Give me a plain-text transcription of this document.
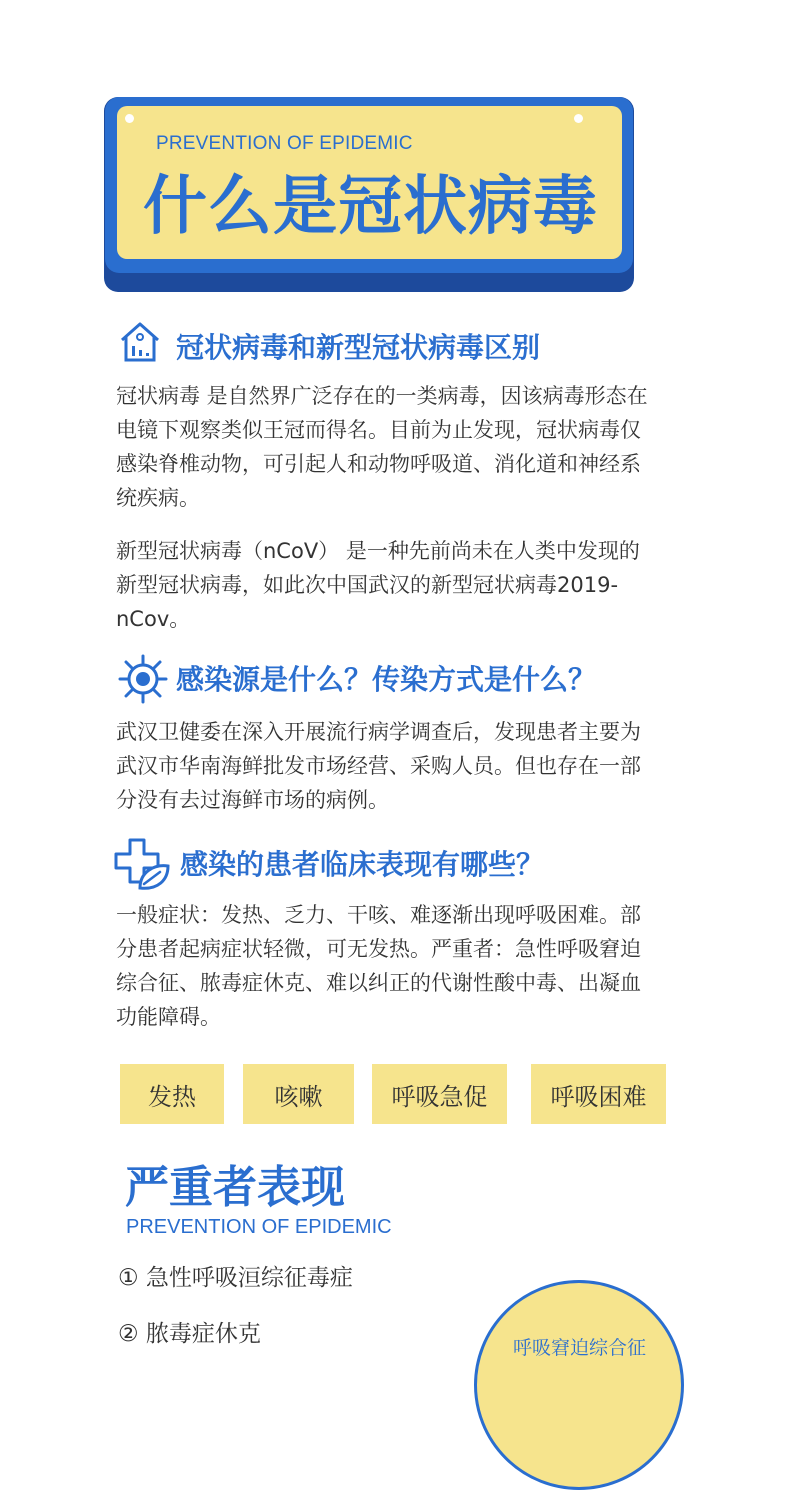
PREVENTION OF EPIDEMIC
什么是冠状病毒
冠状病毒和新型冠状病毒区别

冠状病毒 是自然界广泛存在的一类病毒，因该病毒形态在电镜下观察类似王冠而得名。目前为止发现，冠状病毒仅感染脊椎动物，可引起人和动物呼吸道、消化道和神经系统疾病。

新型冠状病毒（nCoV） 是一种先前尚未在人类中发现的新型冠状病毒，如此次中国武汉的新型冠状病毒2019-nCov。

感染源是什么？传染方式是什么？

武汉卫健委在深入开展流行病学调查后，发现患者主要为武汉市华南海鲜批发市场经营、采购人员。但也存在一部分没有去过海鲜市场的病例。

感染的患者临床表现有哪些？

一般症状：发热、乏力、干咳、难逐渐出现呼吸困难。部分患者起病症状轻微，可无发热。严重者：急性呼吸窘迫综合征、脓毒症休克、难以纠正的代谢性酸中毒、出凝血功能障碍。

发热	咳嗽	呼吸急促	呼吸困难
严重者表现
PREVENTION OF EPIDEMIC
① 急性呼吸洹综征毒症
② 脓毒症休克
呼吸窘迫综合征
